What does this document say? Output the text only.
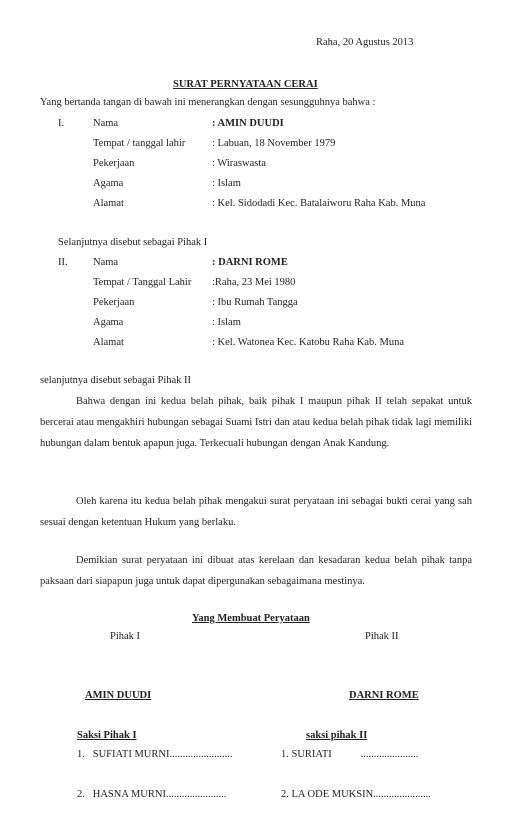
Raha, 20 Agustus 2013
SURAT PERNYATAAN CERAI
Yang bertanda tangan di bawah ini menerangkan dengan sesungguhnya bahwa :
I.	Nama	: AMIN DUUDI
Tempat / tanggal lahir	: Labuan, 18 November 1979
Pekerjaan	: Wiraswasta
Agama	: Islam
Alamat	: Kel. Sidodadi Kec. Batalaiworu Raha Kab. Muna
Selanjutnya disebut sebagai Pihak I
II. Nama	: DARNI ROME
Tempat / Tanggal Lahir :Raha, 23 Mei 1980
Pekerjaan	: Ibu Rumah Tangga
Agama	: Islam
Alamat	: Kel. Watonea Kec. Katobu Raha Kab. Muna
selanjutnya disebut sebagai Pihak II
Bahwa dengan ini kedua belah pihak, baik pihak I maupun pihak II telah sepakat untuk bercerai atau mengakhiri hubungan sebagai Suami Istri dan atau kedua belah pihak tidak lagi memiliki hubungan dalam bentuk apapun juga. Terkecuali hubungan dengan Anak Kandung.
Oleh karena itu kedua belah pihak mengakui surat peryataan ini sebagai bukti cerai yang sah sesuai dengan ketentuan Hukum yang berlaku.
Demikian surat peryataan ini dibuat atas kerelaan dan kesadaran kedua belah pihak tanpa paksaan dari siapapun juga untuk dapat dipergunakan sebagaimana mestinya.
Yang Membuat Peryataan
Pihak I	Pihak II
AMIN DUUDI	DARNI ROME
Saksi Pihak I	saksi pihak II
1.   SUFIATI MURNI........................	1. SURIATI           ......................
2.   HASNA MURNI.......................	2. LA ODE MUKSIN......................
